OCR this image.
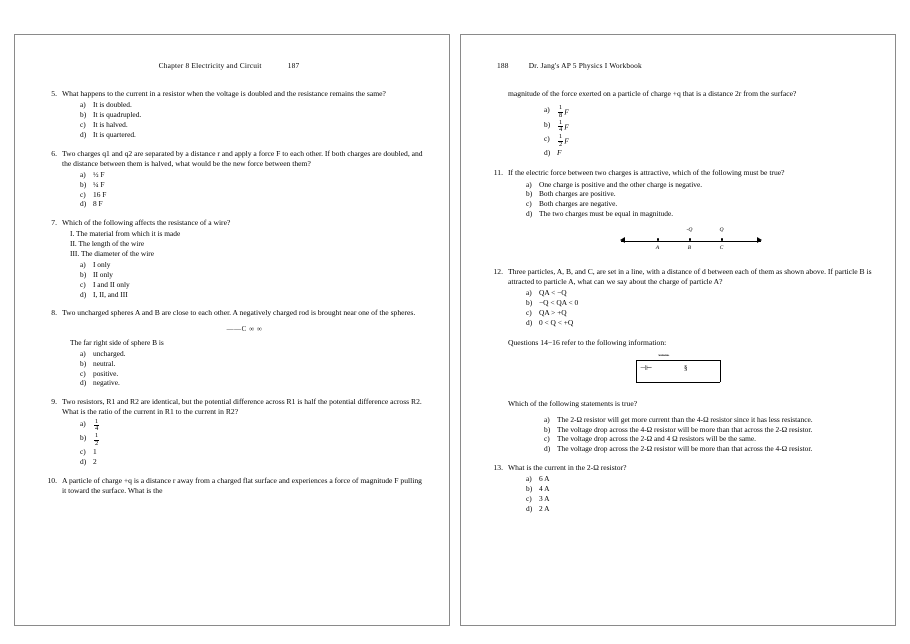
Chapter 8 Electricity and Circuit	187
5. What happens to the current in a resistor when the voltage is doubled and the resistance remains the same?

a) It is doubled.
b) It is quadrupled.
c) It is halved.
d) It is quartered.
6. Two charges q1 and q2 are separated by a distance r and apply a force F to each other. If both charges are doubled, and the distance between them is halved, what would be the new force between them?

a) ½ F
b) ¼ F
c) 16 F
d) 8 F
7. Which of the following affects the resistance of a wire?

I. The material from which it is made
II. The length of the wire
III. The diameter of the wire
a) I only
b) II only
c) I and II only
d) I, II, and III
8. Two uncharged spheres A and B are close to each other. A negatively charged rod is brought near one of the spheres.

——C ∞ ∞
The far right side of sphere B is
a) uncharged.
b) neutral.
c) positive.
d) negative.
9. Two resistors, R1 and R2 are identical, but the potential difference across R1 is half the potential difference across R2. What is the ratio of the current in R1 to the current in R2?

a)	$\frac{1}{4}$
b)	$\frac{1}{2}$
c) 1
d) 2
10. A particle of charge +q is a distance r away from a charged flat surface and experiences a force of magnitude F pulling it toward the surface. What is the

188	Dr. Jang's AP 5 Physics I Workbook
magnitude of the force exerted on a particle of charge +q that is a distance 2r from the surface?
a)	$\frac{1}{8}$ F
b)	$\frac{1}{4}$ F
c)	$\frac{1}{2}$ F
d) F
11. If the electric force between two charges is attractive, which of the following must be true?

a) One charge is positive and the other charge is negative.
b) Both charges are positive.
c) Both charges are negative.
d) The two charges must be equal in magnitude.
-Q	Q
A	B	C
12. Three particles, A, B, and C, are set in a line, with a distance of d between each of them as shown above. If particle B is attracted to particle A, what can we say about the charge of particle A?

a) QA < −Q
b) −Q < QA < 0
c) QA > +Q
d) 0 < Q < +Q
Questions 14−16 refer to the following information:
⌁⌁⌁⌁
§
⊣⊢
Which of the following statements is true?
a) The 2-Ω resistor will get more current than the 4-Ω resistor since it has less resistance.
b) The voltage drop across the 4-Ω resistor will be more than that across the 2-Ω resistor.
c) The voltage drop across the 2-Ω and 4 Ω resistors will be the same.
d) The voltage drop across the 2-Ω resistor will be more than that across the 4-Ω resistor.
13. What is the current in the 2-Ω resistor?

a) 6 A
b) 4 A
c) 3 A
d) 2 A
